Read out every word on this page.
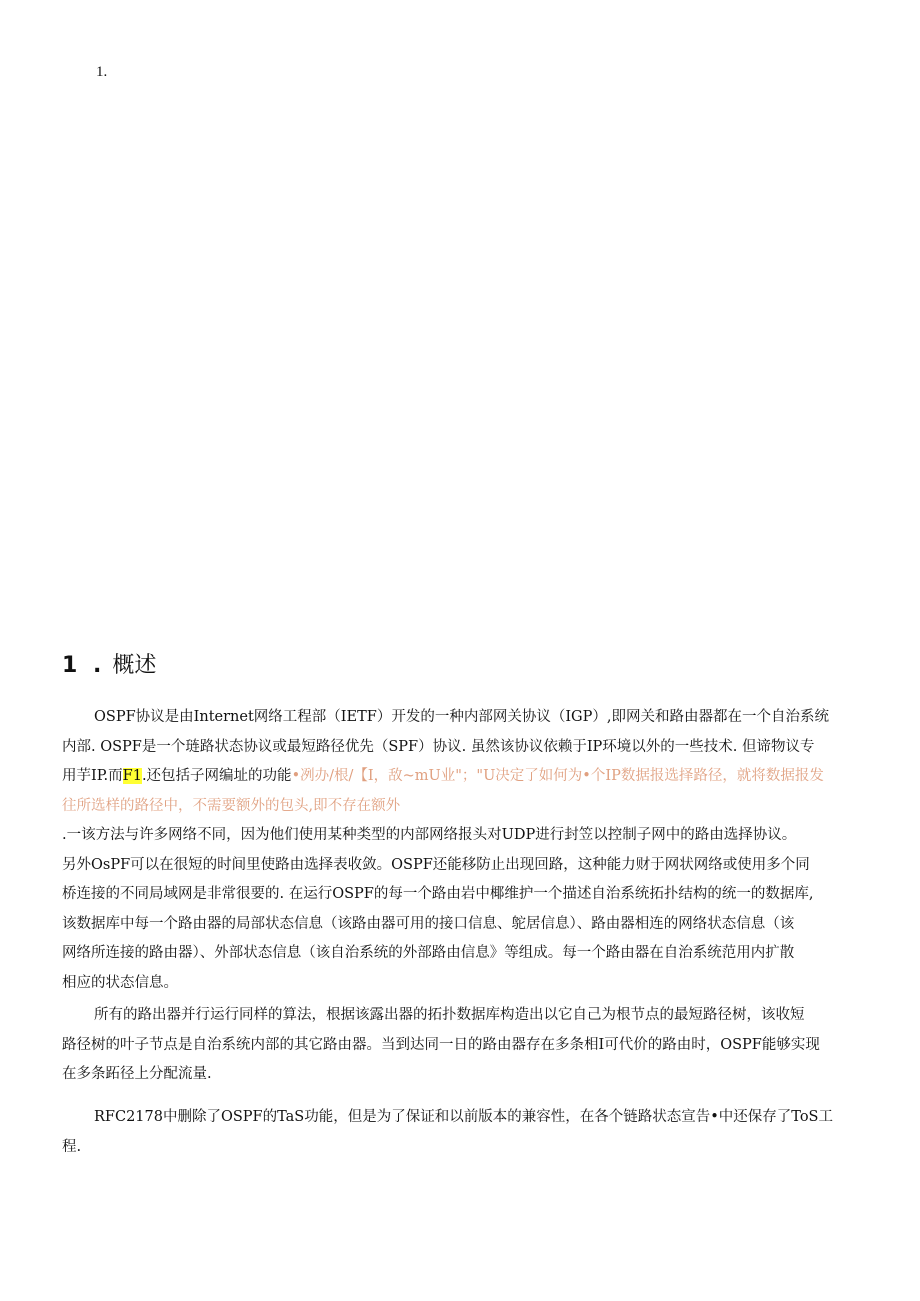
1.
1 . 概述
OSPF协议是由Internet网络工程部（IETF）开发的一种内部网关协议（IGP）,即网关和路由器都在一个自治系统
内部. OSPF是一个琏路状态协议或最短路径优先（SPF）协议. 虽然该协议依赖于IP环境以外的一些技术. 但谛物议专
用芋IP.而F1.还包括子网编址的功能•冽办/根/【I，敌~mU业"；"U决定了如何为•个IP数据报选择路径，就将数据报发
往所选样的路径中，不需要额外的包头,即不存在额外
.一该方法与许多网络不同，因为他们使用某种类型的内部网络报头对UDP进行封笠以控制子网中的路由选择协议。
另外OsPF可以在很短的时间里使路由选择表收敛。OSPF还能移防止出现回路，这种能力财于网状网络或使用多个同
桥连接的不同局域网是非常很要的. 在运行OSPF的每一个路由岩中椰维护一个描述自治系统拓扑结构的统一的数据库,
该数据库中每一个路由器的局部状态信息（该路由器可用的接口信息、鸵居信息）、路由器相连的网络状态信息（该
网络所连接的路由器）、外部状态信息（该自治系统的外部路由信息》等组成。每一个路由器在自治系统范用内扩散
相应的状态信息。
所有的路出器并行运行同样的算法，根据该露出器的拓扑数据库构造出以它自己为根节点的最短路径树，该收短
路径树的叶子节点是自治系统内部的其它路由器。当到达同一日的路由器存在多条相I可代价的路由时，OSPF能够实现
在多条跖径上分配流量.
RFC2178中删除了OSPF的TaS功能，但是为了保证和以前版本的兼容性，在各个链路状态宣告•中还保存了ToS工
程.
